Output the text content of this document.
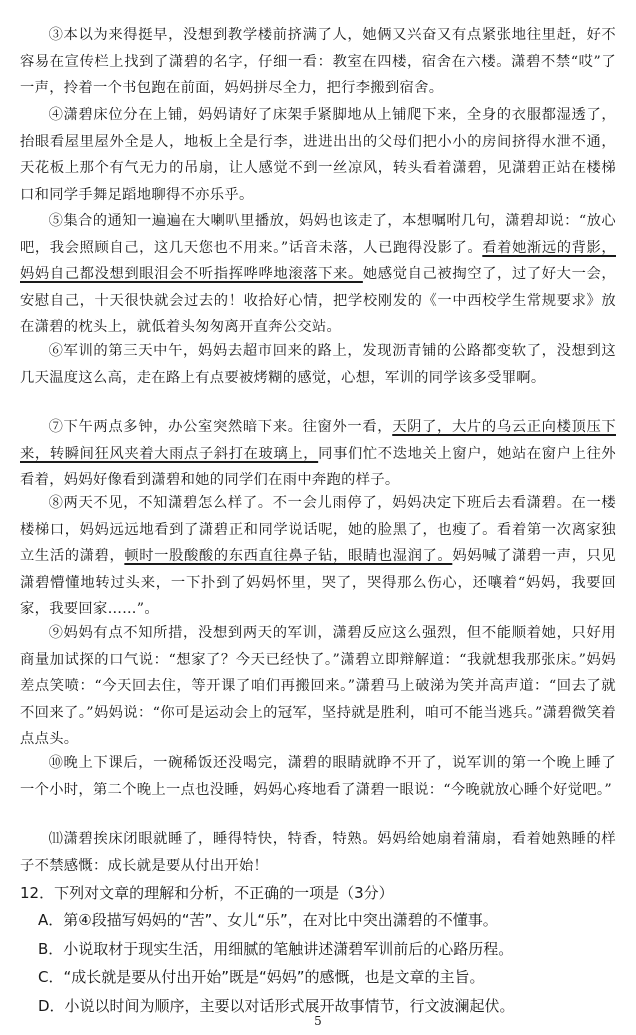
③本以为来得挺早，没想到教学楼前挤满了人，她俩又兴奋又有点紧张地往里赶，好不容易在宣传栏上找到了潇碧的名字，仔细一看：教室在四楼，宿舍在六楼。潇碧不禁“哎”了一声，拎着一个书包跑在前面，妈妈拼尽全力，把行李搬到宿舍。

④潇碧床位分在上铺，妈妈请好了床架手紧脚地从上铺爬下来，全身的衣服都湿透了，抬眼看屋里屋外全是人，地板上全是行李，进进出出的父母们把小小的房间挤得水泄不通，天花板上那个有气无力的吊扇，让人感觉不到一丝凉风，转头看着潇碧，见潇碧正站在楼梯口和同学手舞足蹈地聊得不亦乐乎。

⑤集合的通知一遍遍在大喇叭里播放，妈妈也该走了，本想嘱咐几句，潇碧却说：“放心吧，我会照顾自己，这几天您也不用来。”话音未落，人已跑得没影了。看着她渐远的背影，妈妈自己都没想到眼泪会不听指挥哗哗地滚落下来。她感觉自己被掏空了，过了好大一会，安慰自己，十天很快就会过去的！收拾好心情，把学校刚发的《一中西校学生常规要求》放在潇碧的枕头上，就低着头匆匆离开直奔公交站。

⑥军训的第三天中午，妈妈去超市回来的路上，发现沥青铺的公路都变软了，没想到这几天温度这么高，走在路上有点要被烤糊的感觉，心想，军训的同学该多受罪啊。

⑦下午两点多钟，办公室突然暗下来。往窗外一看，天阴了，大片的乌云正向楼顶压下来，转瞬间狂风夹着大雨点子斜打在玻璃上，同事们忙不迭地关上窗户，她站在窗户上往外看着，妈妈好像看到潇碧和她的同学们在雨中奔跑的样子。

⑧两天不见，不知潇碧怎么样了。不一会儿雨停了，妈妈决定下班后去看潇碧。在一楼楼梯口，妈妈远远地看到了潇碧正和同学说话呢，她的脸黑了，也瘦了。看着第一次离家独立生活的潇碧，顿时一股酸酸的东西直往鼻子钻，眼睛也湿润了。妈妈喊了潇碧一声，只见潇碧懵懂地转过头来，一下扑到了妈妈怀里，哭了，哭得那么伤心，还嚷着“妈妈，我要回家，我要回家……”。

⑨妈妈有点不知所措，没想到两天的军训，潇碧反应这么强烈，但不能顺着她，只好用商量加试探的口气说：“想家了？今天已经快了。”潇碧立即辩解道：“我就想我那张床。”妈妈差点笑喷：“今天回去住，等开课了咱们再搬回来。”潇碧马上破涕为笑并高声道：“回去了就不回来了。”妈妈说：“你可是运动会上的冠军，坚持就是胜利，咱可不能当逃兵。”潇碧微笑着点点头。

⑩晚上下课后，一碗稀饭还没喝完，潇碧的眼睛就睁不开了，说军训的第一个晚上睡了一个小时，第二个晚上一点也没睡，妈妈心疼地看了潇碧一眼说：“今晚就放心睡个好觉吧。”

⑾潇碧挨床闭眼就睡了，睡得特快，特香，特熟。妈妈给她扇着蒲扇，看着她熟睡的样子不禁感慨：成长就是要从付出开始！

12．下列对文章的理解和分析，不正确的一项是（3分）

A．第④段描写妈妈的“苦”、女儿“乐”，在对比中突出潇碧的不懂事。
B．小说取材于现实生活，用细腻的笔触讲述潇碧军训前后的心路历程。
C．“成长就是要从付出开始”既是“妈妈”的感慨，也是文章的主旨。
D．小说以时间为顺序，主要以对话形式展开故事情节，行文波澜起伏。
5
